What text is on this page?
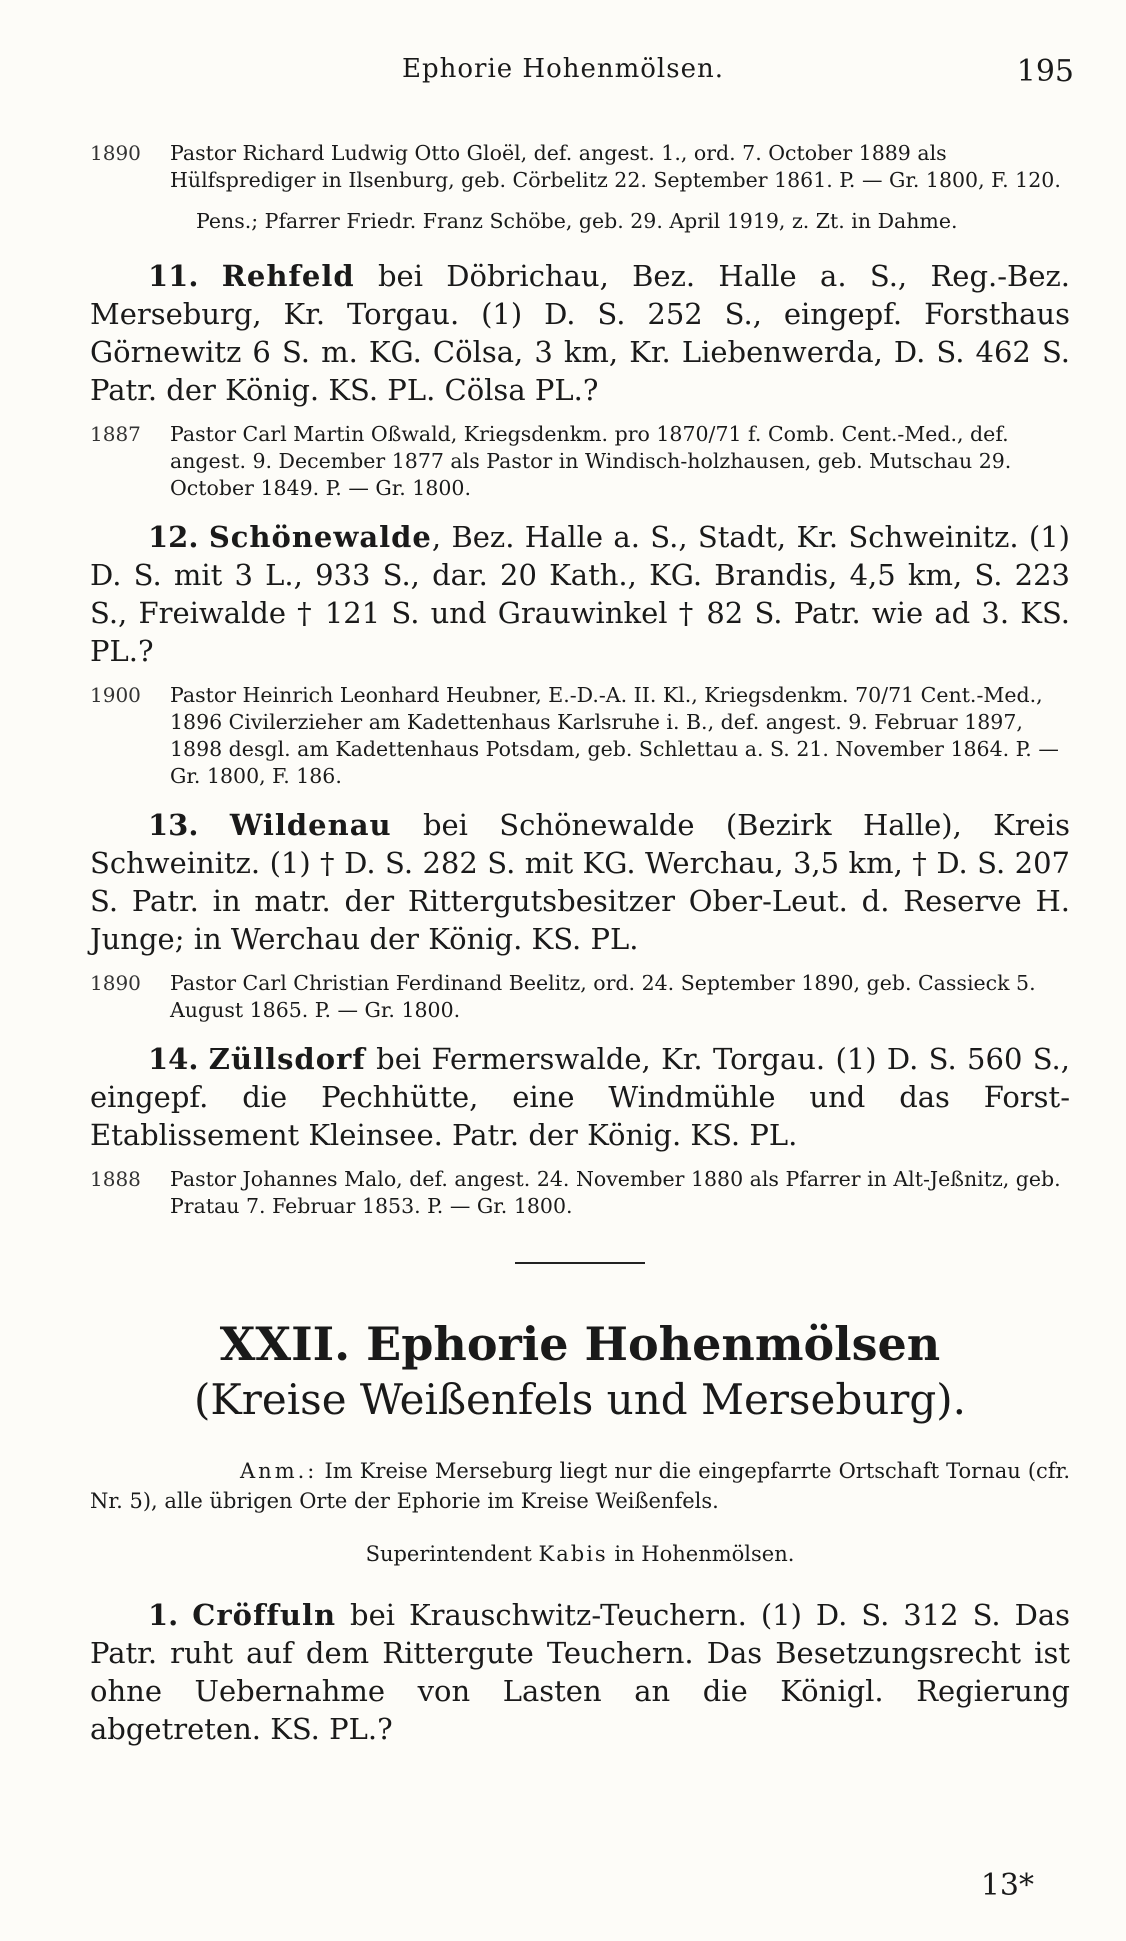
Ephorie Hohenmölsen.	195
1890 Pastor Richard Ludwig Otto Gloël, def. angest. 1., ord. 7. October 1889 als Hülfsprediger in Ilsenburg, geb. Cörbelitz 22. September 1861. P. — Gr. 1800, F. 120.
Pens.; Pfarrer Friedr. Franz Schöbe, geb. 29. April 1919, z. Zt. in Dahme.
11. Rehfeld bei Döbrichau, Bez. Halle a. S., Reg.-Bez. Merseburg, Kr. Torgau. (1) D. S. 252 S., eingepf. Forsthaus Görnewitz 6 S. m. KG. Cölsa, 3 km, Kr. Liebenwerda, D. S. 462 S. Patr. der König. KS. PL. Cölsa PL.?
1887 Pastor Carl Martin Oßwald, Kriegsdenkm. pro 1870/71 f. Comb. Cent.-Med., def. angest. 9. December 1877 als Pastor in Windisch-holzhausen, geb. Mutschau 29. October 1849. P. — Gr. 1800.
12. Schönewalde, Bez. Halle a. S., Stadt, Kr. Schweinitz. (1) D. S. mit 3 L., 933 S., dar. 20 Kath., KG. Brandis, 4,5 km, S. 223 S., Freiwalde † 121 S. und Grauwinkel † 82 S. Patr. wie ad 3. KS. PL.?
1900 Pastor Heinrich Leonhard Heubner, E.-D.-A. II. Kl., Kriegsdenkm. 70/71 Cent.-Med., 1896 Civilerzieher am Kadettenhaus Karlsruhe i. B., def. angest. 9. Februar 1897, 1898 desgl. am Kadettenhaus Potsdam, geb. Schlettau a. S. 21. November 1864. P. — Gr. 1800, F. 186.
13. Wildenau bei Schönewalde (Bezirk Halle), Kreis Schweinitz. (1) † D. S. 282 S. mit KG. Werchau, 3,5 km, † D. S. 207 S. Patr. in matr. der Rittergutsbesitzer Ober-Leut. d. Reserve H. Junge; in Werchau der König. KS. PL.
1890 Pastor Carl Christian Ferdinand Beelitz, ord. 24. September 1890, geb. Cassieck 5. August 1865. P. — Gr. 1800.
14. Züllsdorf bei Fermerswalde, Kr. Torgau. (1) D. S. 560 S., eingepf. die Pechhütte, eine Windmühle und das Forst-Etablissement Kleinsee. Patr. der König. KS. PL.
1888 Pastor Johannes Malo, def. angest. 24. November 1880 als Pfarrer in Alt-Jeßnitz, geb. Pratau 7. Februar 1853. P. — Gr. 1800.
XXII. Ephorie Hohenmölsen
(Kreise Weißenfels und Merseburg).
Anm.: Im Kreise Merseburg liegt nur die eingepfarrte Ortschaft Tornau (cfr. Nr. 5), alle übrigen Orte der Ephorie im Kreise Weißenfels.
Superintendent Kabis in Hohenmölsen.
1. Cröffuln bei Krauschwitz-Teuchern. (1) D. S. 312 S. Das Patr. ruht auf dem Rittergute Teuchern. Das Besetzungsrecht ist ohne Uebernahme von Lasten an die Königl. Regierung abgetreten. KS. PL.?
13*
